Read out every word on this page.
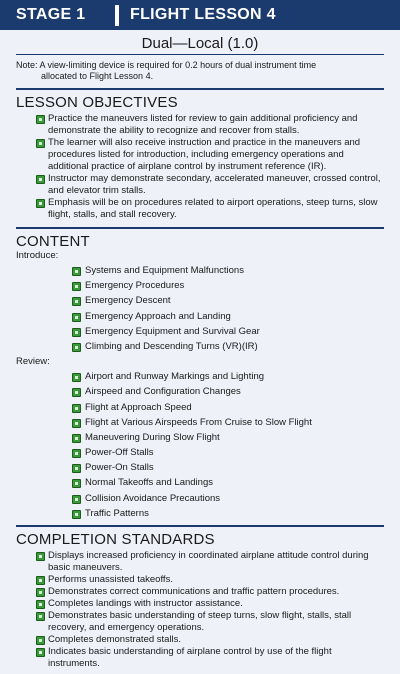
STAGE 1	FLIGHT LESSON 4
Dual—Local (1.0)
Note: A view-limiting device is required for 0.2 hours of dual instrument time
allocated to Flight Lesson 4.
LESSON OBJECTIVES
Practice the maneuvers listed for review to gain additional proficiency and demonstrate the ability to recognize and recover from stalls.
The learner will also receive instruction and practice in the maneuvers and procedures listed for introduction, including emergency operations and additional practice of airplane control by instrument reference (IR).
Instructor may demonstrate secondary, accelerated maneuver, crossed control, and elevator trim stalls.
Emphasis will be on procedures related to airport operations, steep turns, slow flight, stalls, and stall recovery.
CONTENT
Introduce:
Systems and Equipment Malfunctions
Emergency Procedures
Emergency Descent
Emergency Approach and Landing
Emergency Equipment and Survival Gear
Climbing and Descending Turns (VR)(IR)
Review:
Airport and Runway Markings and Lighting
Airspeed and Configuration Changes
Flight at Approach Speed
Flight at Various Airspeeds From Cruise to Slow Flight
Maneuvering During Slow Flight
Power-Off Stalls
Power-On Stalls
Normal Takeoffs and Landings
Collision Avoidance Precautions
Traffic Patterns
COMPLETION STANDARDS
Displays increased proficiency in coordinated airplane attitude control during basic maneuvers.
Performs unassisted takeoffs.
Demonstrates correct communications and traffic pattern procedures.
Completes landings with instructor assistance.
Demonstrates basic understanding of steep turns, slow flight, stalls, stall recovery, and emergency operations.
Completes demonstrated stalls.
Indicates basic understanding of airplane control by use of the flight instruments.
